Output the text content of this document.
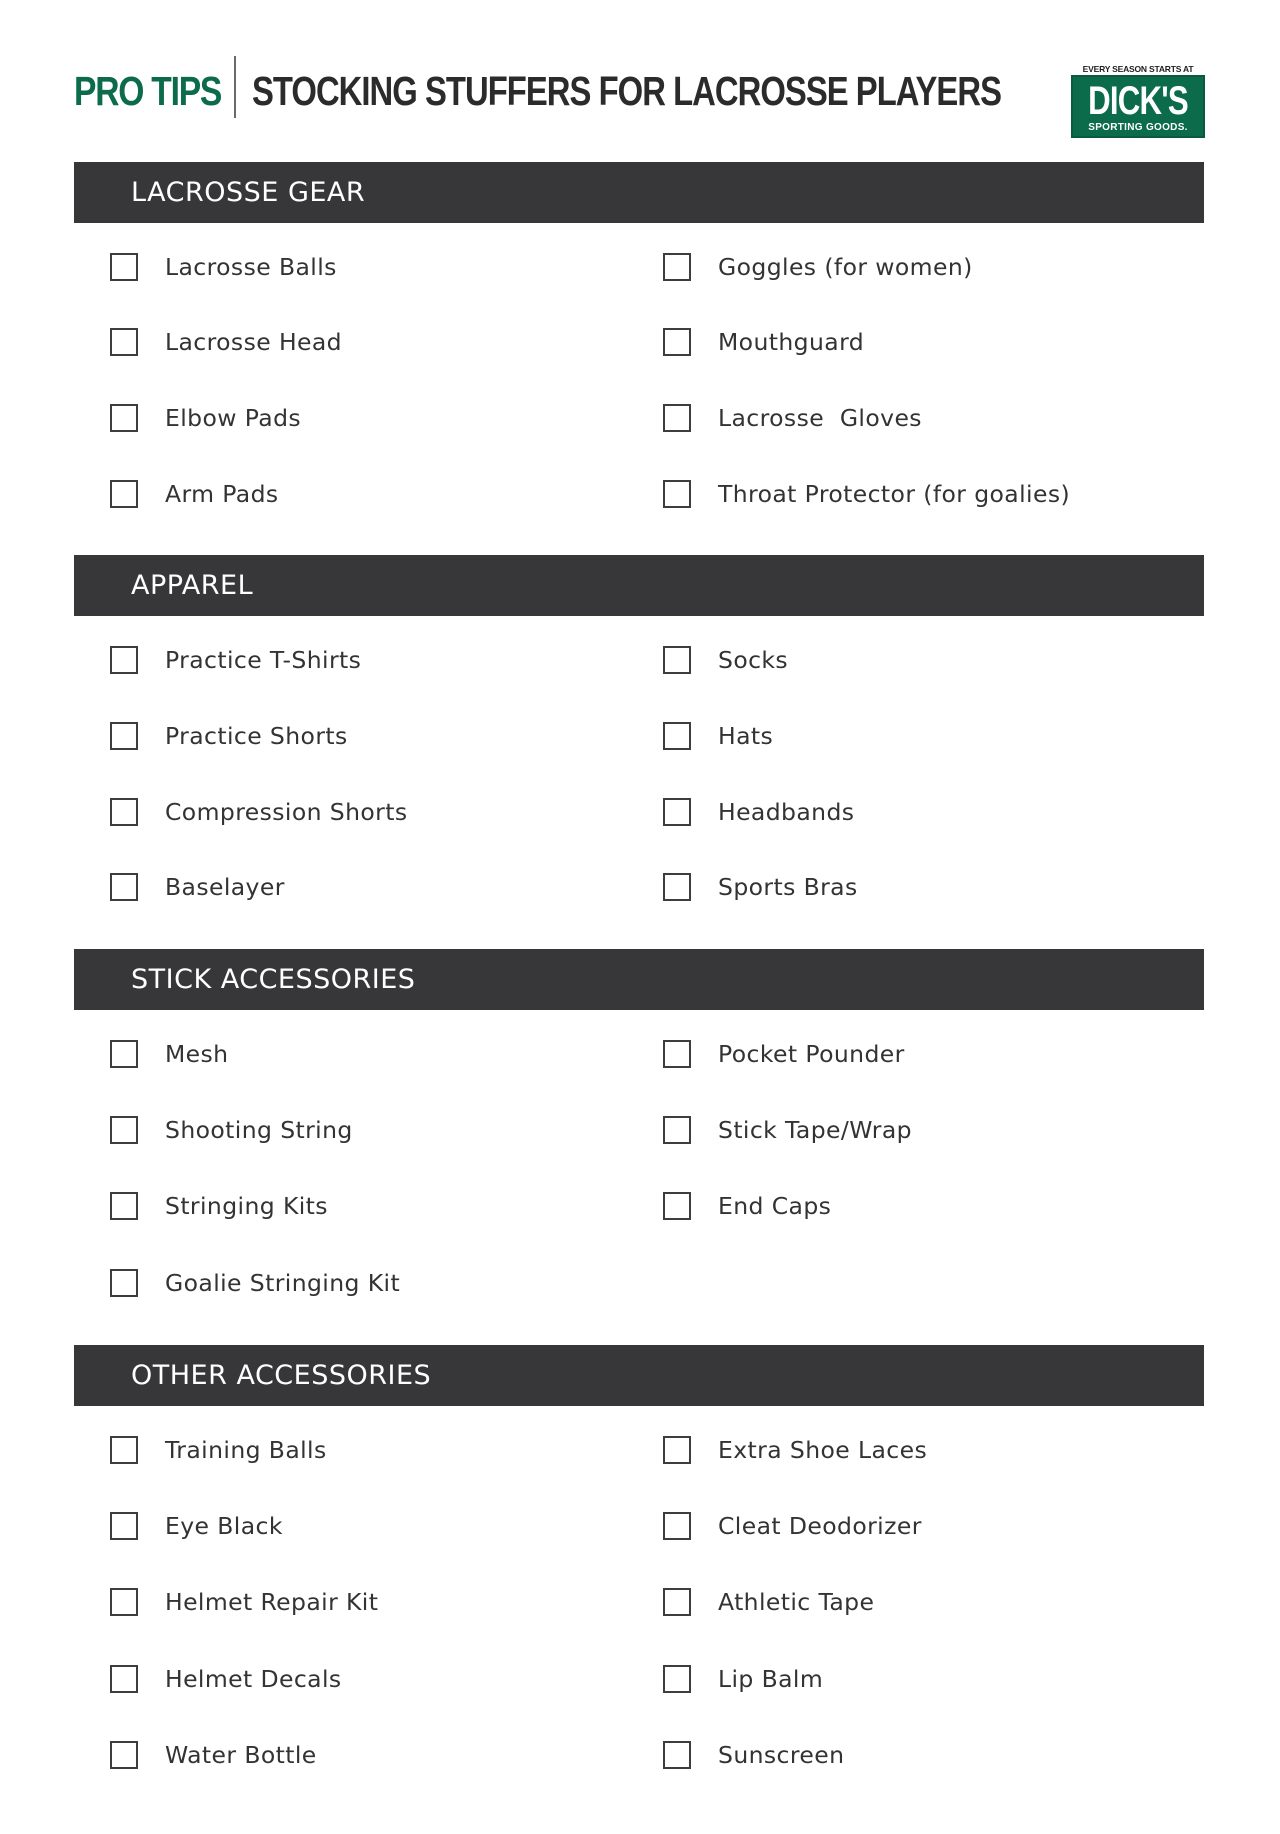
PRO TIPS STOCKING STUFFERS FOR LACROSSE PLAYERS	EVERY SEASON STARTS AT
DICK'S
SPORTING GOODS.
LACROSSE GEAR
Lacrosse Balls
Lacrosse Head
Elbow Pads
Arm Pads
Goggles (for women)
Mouthguard
Lacrosse  Gloves
Throat Protector (for goalies)
APPAREL
Practice T-Shirts
Practice Shorts
Compression Shorts
Baselayer
Socks
Hats
Headbands
Sports Bras
STICK ACCESSORIES
Mesh
Shooting String
Stringing Kits
Goalie Stringing Kit
Pocket Pounder
Stick Tape/Wrap
End Caps
OTHER ACCESSORIES
Training Balls
Eye Black
Helmet Repair Kit
Helmet Decals
Water Bottle
Extra Shoe Laces
Cleat Deodorizer
Athletic Tape
Lip Balm
Sunscreen
